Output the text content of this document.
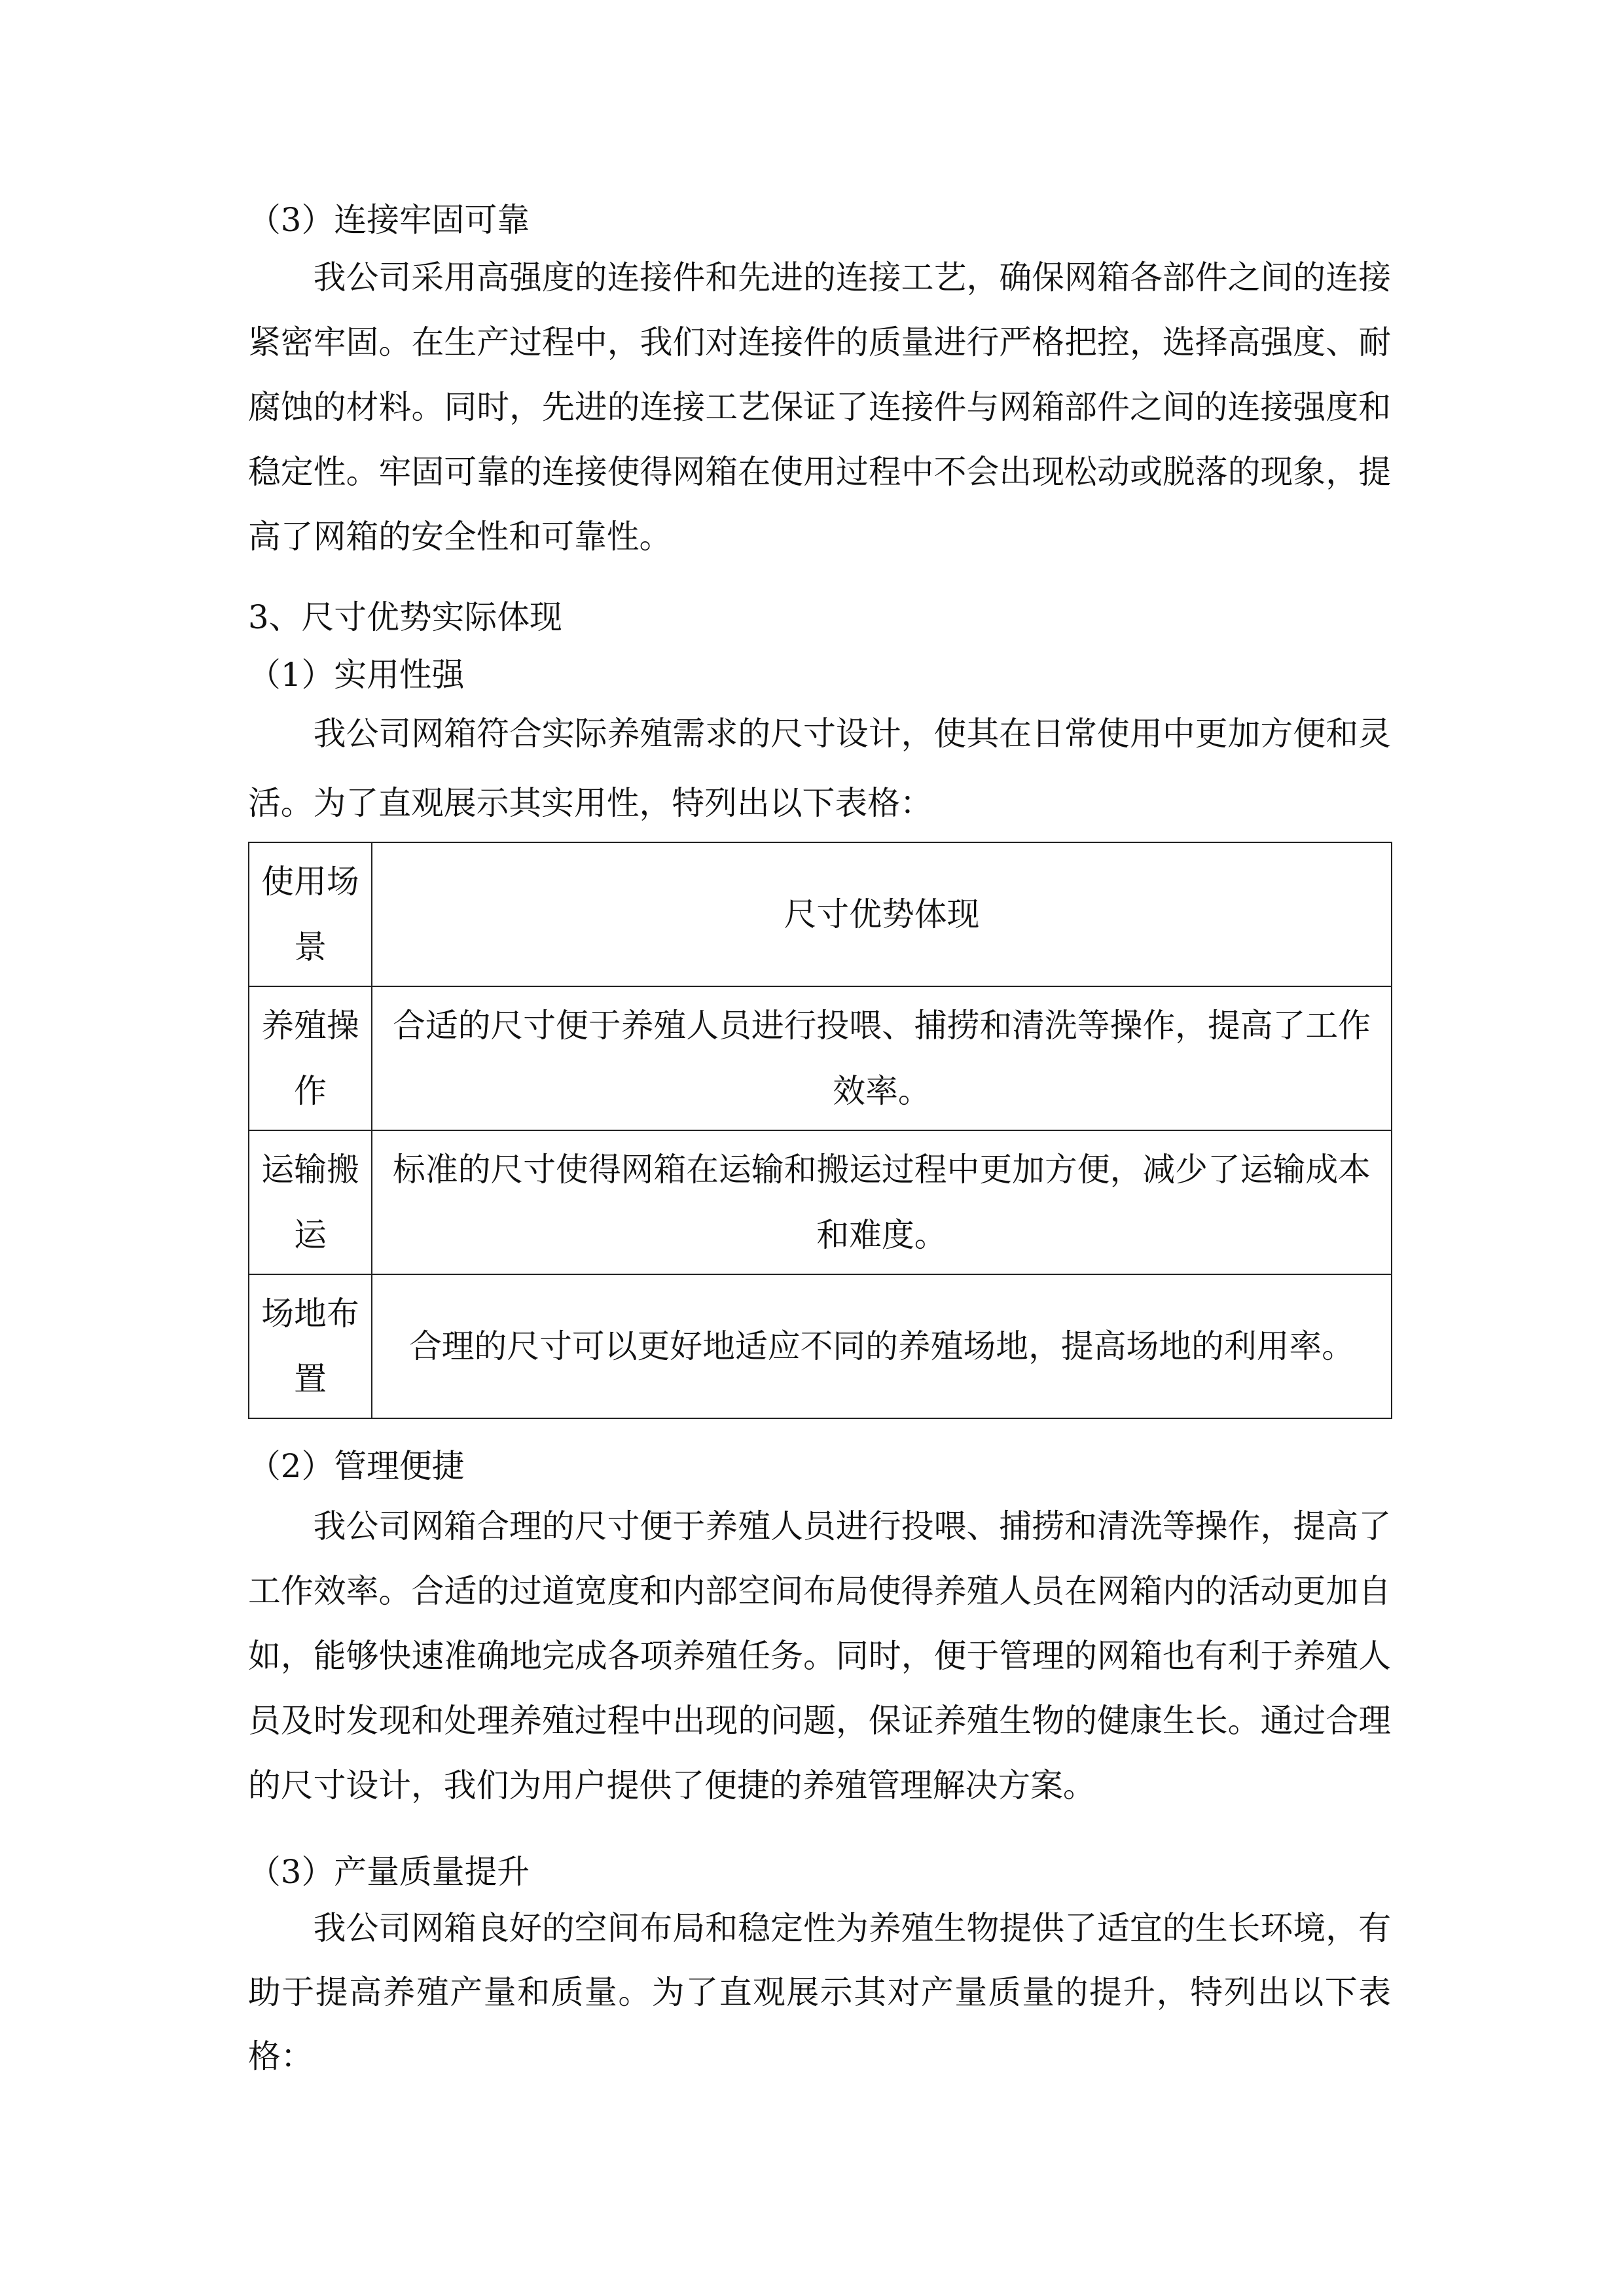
（3）连接牢固可靠
我公司采用高强度的连接件和先进的连接工艺，确保网箱各部件之间的连接紧密牢固。在生产过程中，我们对连接件的质量进行严格把控，选择高强度、耐腐蚀的材料。同时，先进的连接工艺保证了连接件与网箱部件之间的连接强度和稳定性。牢固可靠的连接使得网箱在使用过程中不会出现松动或脱落的现象，提高了网箱的安全性和可靠性。
3、尺寸优势实际体现
（1）实用性强
我公司网箱符合实际养殖需求的尺寸设计，使其在日常使用中更加方便和灵活。为了直观展示其实用性，特列出以下表格：
使用场景	尺寸优势体现
养殖操作	合适的尺寸便于养殖人员进行投喂、捕捞和清洗等操作，提高了工作效率。
运输搬运	标准的尺寸使得网箱在运输和搬运过程中更加方便，减少了运输成本和难度。
场地布置	合理的尺寸可以更好地适应不同的养殖场地，提高场地的利用率。
（2）管理便捷
我公司网箱合理的尺寸便于养殖人员进行投喂、捕捞和清洗等操作，提高了工作效率。合适的过道宽度和内部空间布局使得养殖人员在网箱内的活动更加自如，能够快速准确地完成各项养殖任务。同时，便于管理的网箱也有利于养殖人员及时发现和处理养殖过程中出现的问题，保证养殖生物的健康生长。通过合理的尺寸设计，我们为用户提供了便捷的养殖管理解决方案。
（3）产量质量提升
我公司网箱良好的空间布局和稳定性为养殖生物提供了适宜的生长环境，有助于提高养殖产量和质量。为了直观展示其对产量质量的提升，特列出以下表格：
